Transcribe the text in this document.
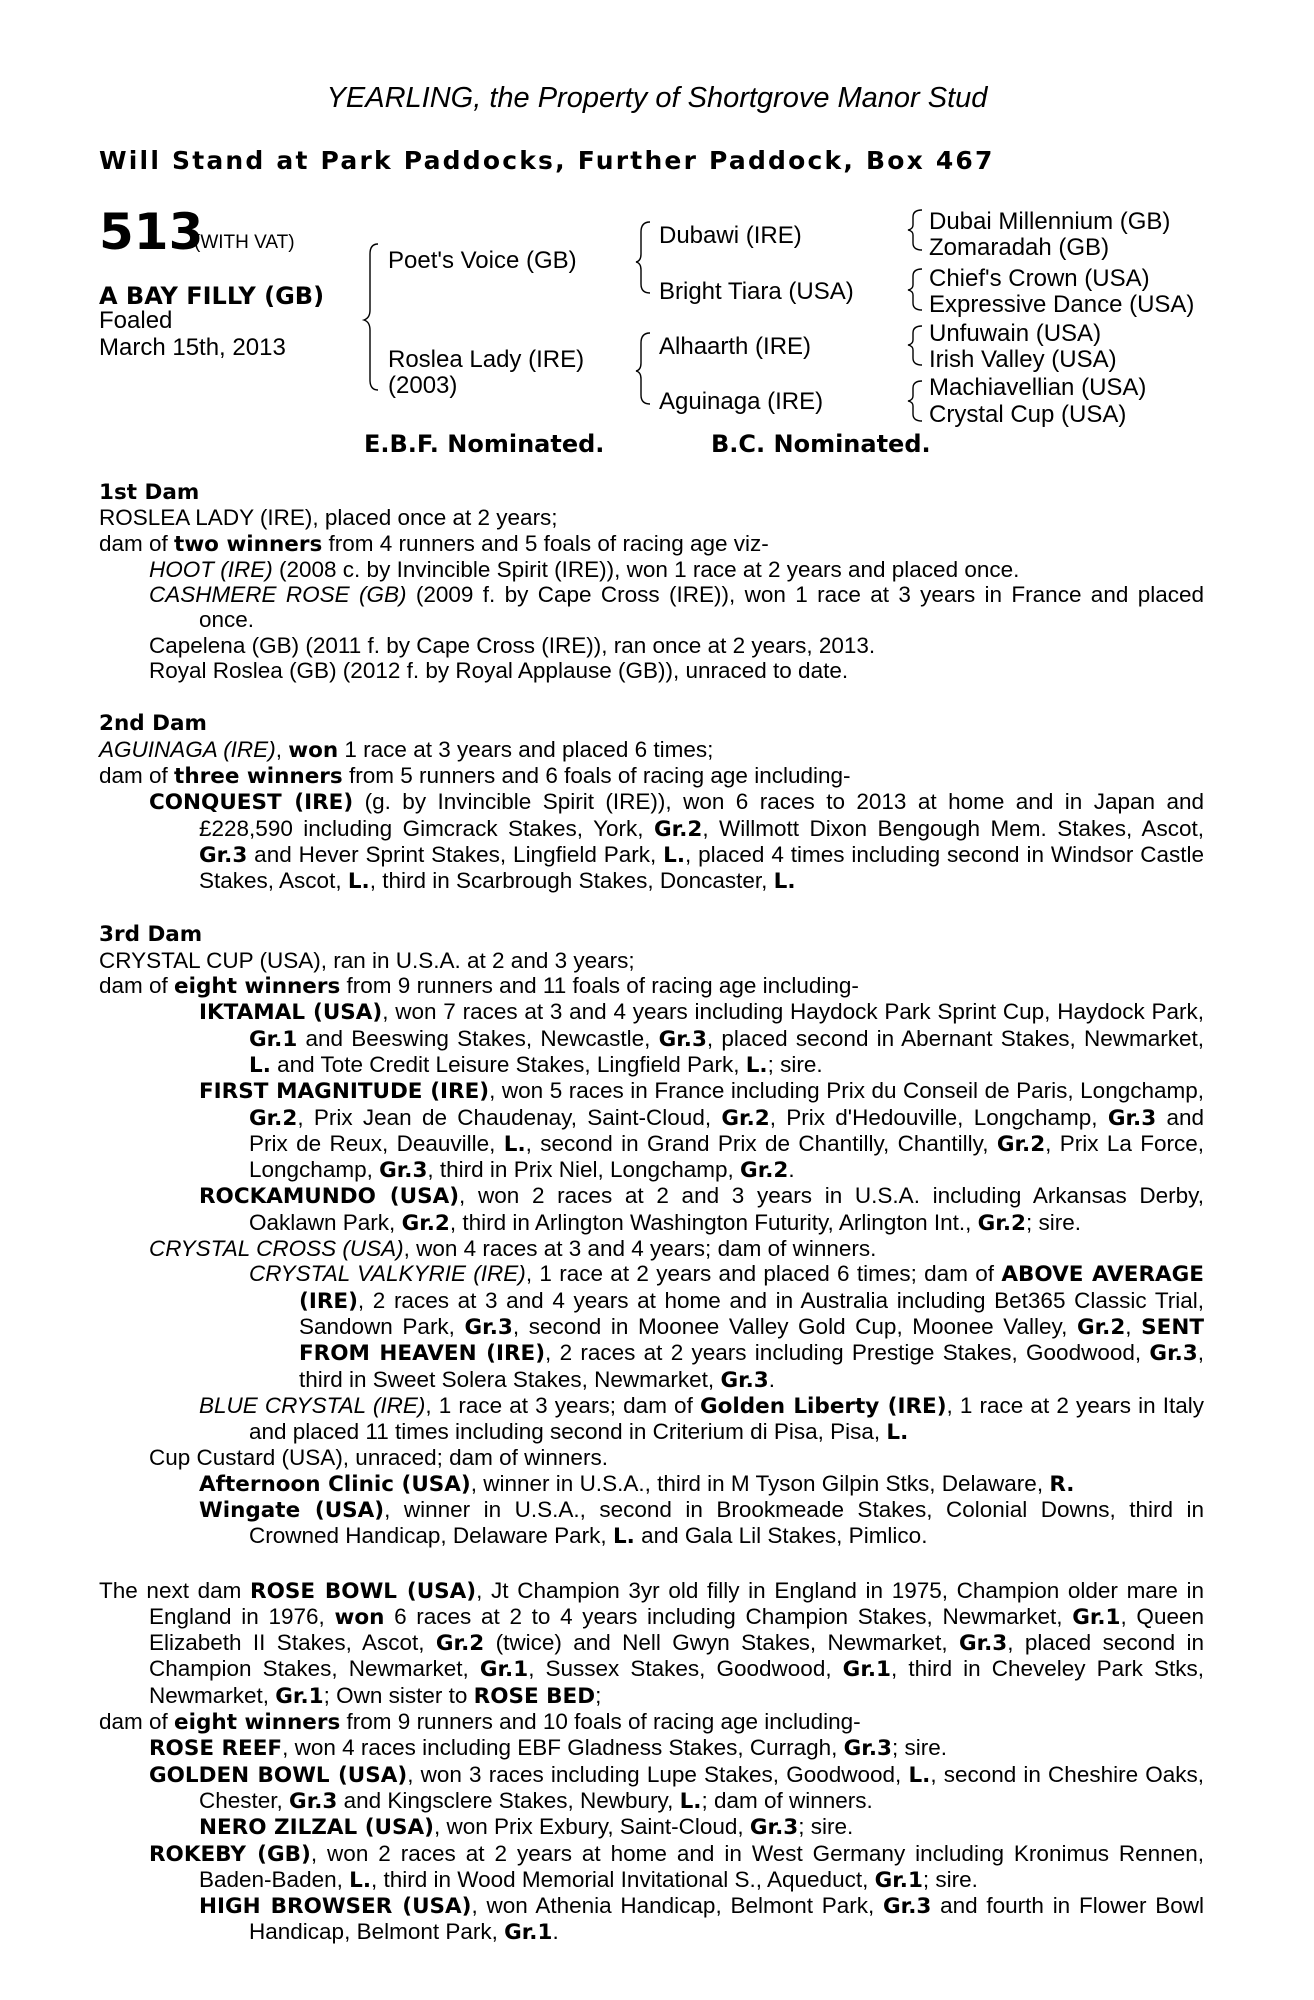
YEARLING, the Property of Shortgrove Manor Stud
Will Stand at Park Paddocks, Further Paddock, Box 467
513
(WITH VAT)
A BAY FILLY (GB)
Foaled
March 15th, 2013
Poet's Voice (GB)
Roslea Lady (IRE)
(2003)
Dubawi (IRE)
Bright Tiara (USA)
Alhaarth (IRE)
Aguinaga (IRE)
Dubai Millennium (GB)
Zomaradah (GB)
Chief's Crown (USA)
Expressive Dance (USA)
Unfuwain (USA)
Irish Valley (USA)
Machiavellian (USA)
Crystal Cup (USA)
E.B.F. Nominated.	B.C. Nominated.
1st Dam
ROSLEA LADY (IRE), placed once at 2 years;
dam of two winners from 4 runners and 5 foals of racing age viz-
HOOT (IRE) (2008 c. by Invincible Spirit (IRE)), won 1 race at 2 years and placed once.
CASHMERE ROSE (GB) (2009 f. by Cape Cross (IRE)), won 1 race at 3 years in France and placed once.
Capelena (GB) (2011 f. by Cape Cross (IRE)), ran once at 2 years, 2013.
Royal Roslea (GB) (2012 f. by Royal Applause (GB)), unraced to date.
2nd Dam
AGUINAGA (IRE), won 1 race at 3 years and placed 6 times;
dam of three winners from 5 runners and 6 foals of racing age including-
CONQUEST (IRE) (g. by Invincible Spirit (IRE)), won 6 races to 2013 at home and in Japan and £228,590 including Gimcrack Stakes, York, Gr.2, Willmott Dixon Bengough Mem. Stakes, Ascot, Gr.3 and Hever Sprint Stakes, Lingfield Park, L., placed 4 times including second in Windsor Castle Stakes, Ascot, L., third in Scarbrough Stakes, Doncaster, L.
3rd Dam
CRYSTAL CUP (USA), ran in U.S.A. at 2 and 3 years;
dam of eight winners from 9 runners and 11 foals of racing age including-
IKTAMAL (USA), won 7 races at 3 and 4 years including Haydock Park Sprint Cup, Haydock Park, Gr.1 and Beeswing Stakes, Newcastle, Gr.3, placed second in Abernant Stakes, Newmarket, L. and Tote Credit Leisure Stakes, Lingfield Park, L.; sire.
FIRST MAGNITUDE (IRE), won 5 races in France including Prix du Conseil de Paris, Longchamp, Gr.2, Prix Jean de Chaudenay, Saint-Cloud, Gr.2, Prix d'Hedouville, Longchamp, Gr.3 and Prix de Reux, Deauville, L., second in Grand Prix de Chantilly, Chantilly, Gr.2, Prix La Force, Longchamp, Gr.3, third in Prix Niel, Longchamp, Gr.2.
ROCKAMUNDO (USA), won 2 races at 2 and 3 years in U.S.A. including Arkansas Derby, Oaklawn Park, Gr.2, third in Arlington Washington Futurity, Arlington Int., Gr.2; sire.
CRYSTAL CROSS (USA), won 4 races at 3 and 4 years; dam of winners.
CRYSTAL VALKYRIE (IRE), 1 race at 2 years and placed 6 times; dam of ABOVE AVERAGE (IRE), 2 races at 3 and 4 years at home and in Australia including Bet365 Classic Trial, Sandown Park, Gr.3, second in Moonee Valley Gold Cup, Moonee Valley, Gr.2, SENT FROM HEAVEN (IRE), 2 races at 2 years including Prestige Stakes, Goodwood, Gr.3, third in Sweet Solera Stakes, Newmarket, Gr.3.
BLUE CRYSTAL (IRE), 1 race at 3 years; dam of Golden Liberty (IRE), 1 race at 2 years in Italy and placed 11 times including second in Criterium di Pisa, Pisa, L.
Cup Custard (USA), unraced; dam of winners.
Afternoon Clinic (USA), winner in U.S.A., third in M Tyson Gilpin Stks, Delaware, R.
Wingate (USA), winner in U.S.A., second in Brookmeade Stakes, Colonial Downs, third in Crowned Handicap, Delaware Park, L. and Gala Lil Stakes, Pimlico.
The next dam ROSE BOWL (USA), Jt Champion 3yr old filly in England in 1975, Champion older mare in England in 1976, won 6 races at 2 to 4 years including Champion Stakes, Newmarket, Gr.1, Queen Elizabeth II Stakes, Ascot, Gr.2 (twice) and Nell Gwyn Stakes, Newmarket, Gr.3, placed second in Champion Stakes, Newmarket, Gr.1, Sussex Stakes, Goodwood, Gr.1, third in Cheveley Park Stks, Newmarket, Gr.1; Own sister to ROSE BED;
dam of eight winners from 9 runners and 10 foals of racing age including-
ROSE REEF, won 4 races including EBF Gladness Stakes, Curragh, Gr.3; sire.
GOLDEN BOWL (USA), won 3 races including Lupe Stakes, Goodwood, L., second in Cheshire Oaks, Chester, Gr.3 and Kingsclere Stakes, Newbury, L.; dam of winners.
NERO ZILZAL (USA), won Prix Exbury, Saint-Cloud, Gr.3; sire.
ROKEBY (GB), won 2 races at 2 years at home and in West Germany including Kronimus Rennen, Baden-Baden, L., third in Wood Memorial Invitational S., Aqueduct, Gr.1; sire.
HIGH BROWSER (USA), won Athenia Handicap, Belmont Park, Gr.3 and fourth in Flower Bowl Handicap, Belmont Park, Gr.1.
